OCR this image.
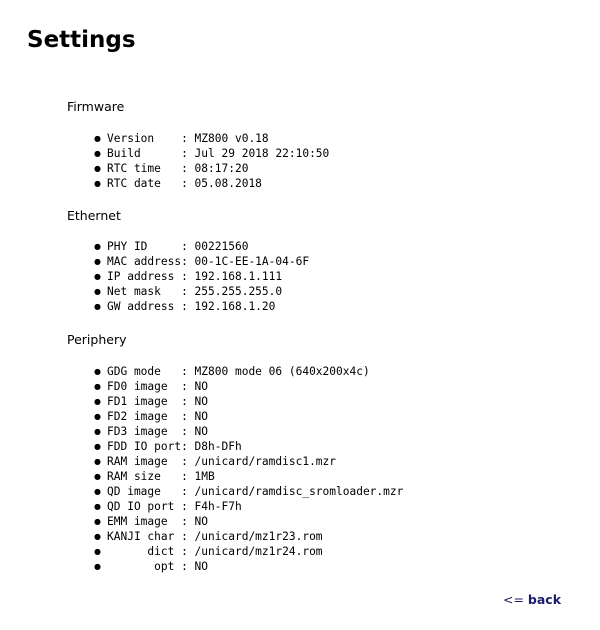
Settings
Firmware
● Version    : MZ800 v0.18
● Build      : Jul 29 2018 22:10:50
● RTC time   : 08:17:20
● RTC date   : 05.08.2018
Ethernet
● PHY ID     : 00221560
● MAC address: 00-1C-EE-1A-04-6F
● IP address : 192.168.1.111
● Net mask   : 255.255.255.0
● GW address : 192.168.1.20
Periphery
● GDG mode   : MZ800 mode 06 (640x200x4c)
● FD0 image  : NO
● FD1 image  : NO
● FD2 image  : NO
● FD3 image  : NO
● FDD IO port: D8h-DFh
● RAM image  : /unicard/ramdisc1.mzr
● RAM size   : 1MB
● QD image   : /unicard/ramdisc_sromloader.mzr
● QD IO port : F4h-F7h
● EMM image  : NO
● KANJI char : /unicard/mz1r23.rom
●      dict : /unicard/mz1r24.rom
●       opt : NO
<= back
